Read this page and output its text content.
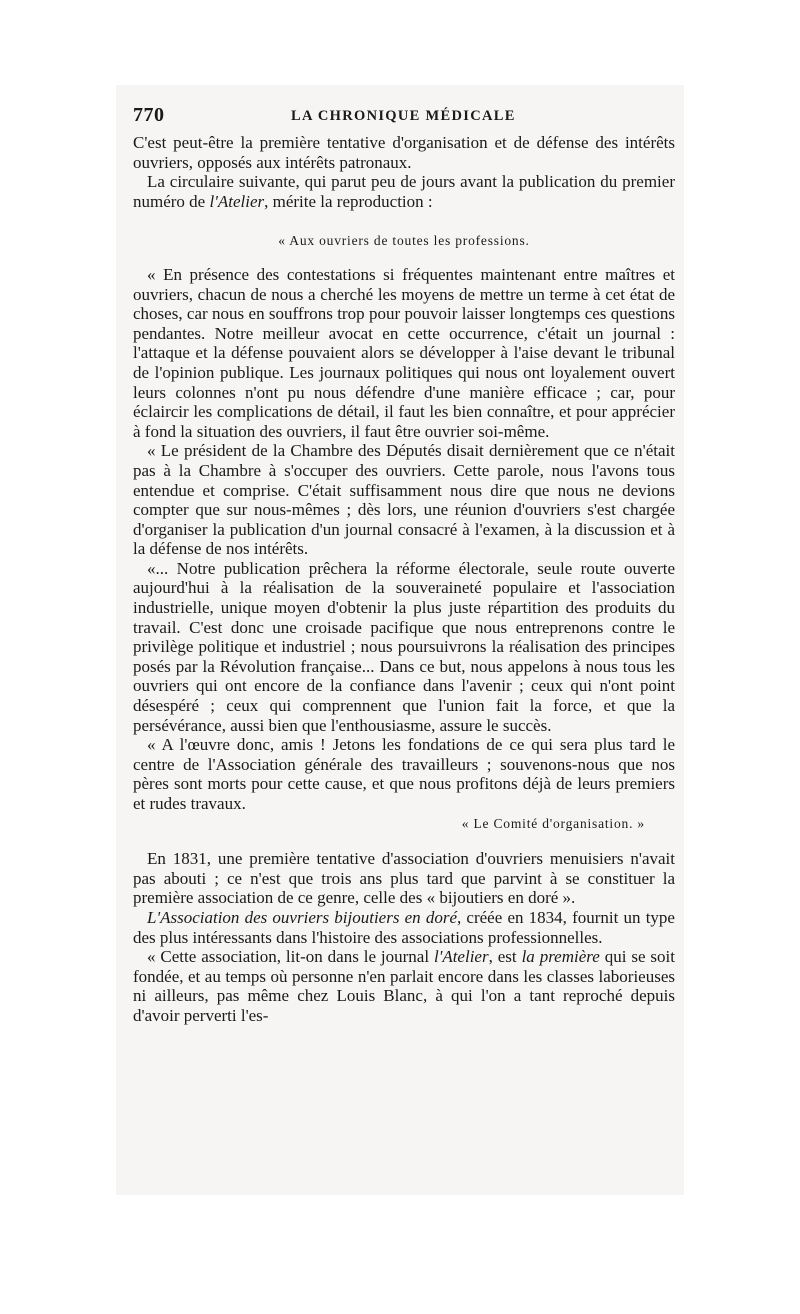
770	LA CHRONIQUE MÉDICALE

C'est peut-être la première tentative d'organisation et de défense des intérêts ouvriers, opposés aux intérêts patronaux.

La circulaire suivante, qui parut peu de jours avant la publication du premier numéro de l'Atelier, mérite la reproduction :

« Aux ouvriers de toutes les professions.

« En présence des contestations si fréquentes maintenant entre maîtres et ouvriers, chacun de nous a cherché les moyens de mettre un terme à cet état de choses, car nous en souffrons trop pour pouvoir laisser longtemps ces questions pendantes. Notre meilleur avocat en cette occurrence, c'était un journal : l'attaque et la défense pouvaient alors se développer à l'aise devant le tribunal de l'opinion publique. Les journaux politiques qui nous ont loyalement ouvert leurs colonnes n'ont pu nous défendre d'une manière efficace ; car, pour éclaircir les complications de détail, il faut les bien connaître, et pour apprécier à fond la situation des ouvriers, il faut être ouvrier soi-même.

« Le président de la Chambre des Députés disait dernièrement que ce n'était pas à la Chambre à s'occuper des ouvriers. Cette parole, nous l'avons tous entendue et comprise. C'était suffisamment nous dire que nous ne devions compter que sur nous-mêmes ; dès lors, une réunion d'ouvriers s'est chargée d'organiser la publication d'un journal consacré à l'examen, à la discussion et à la défense de nos intérêts.

«... Notre publication prêchera la réforme électorale, seule route ouverte aujourd'hui à la réalisation de la souveraineté populaire et l'association industrielle, unique moyen d'obtenir la plus juste répartition des produits du travail. C'est donc une croisade pacifique que nous entreprenons contre le privilège politique et industriel ; nous poursuivrons la réalisation des principes posés par la Révolution française... Dans ce but, nous appelons à nous tous les ouvriers qui ont encore de la confiance dans l'avenir ; ceux qui n'ont point désespéré ; ceux qui comprennent que l'union fait la force, et que la persévérance, aussi bien que l'enthousiasme, assure le succès.

« A l'œuvre donc, amis ! Jetons les fondations de ce qui sera plus tard le centre de l'Association générale des travailleurs ; souvenons-nous que nos pères sont morts pour cette cause, et que nous profitons déjà de leurs premiers et rudes travaux.

« Le Comité d'organisation. »

En 1831, une première tentative d'association d'ouvriers menuisiers n'avait pas abouti ; ce n'est que trois ans plus tard que parvint à se constituer la première association de ce genre, celle des « bijoutiers en doré ».

L'Association des ouvriers bijoutiers en doré, créée en 1834, fournit un type des plus intéressants dans l'histoire des associations professionnelles.

« Cette association, lit-on dans le journal l'Atelier, est la première qui se soit fondée, et au temps où personne n'en parlait encore dans les classes laborieuses ni ailleurs, pas même chez Louis Blanc, à qui l'on a tant reproché depuis d'avoir perverti l'es-
